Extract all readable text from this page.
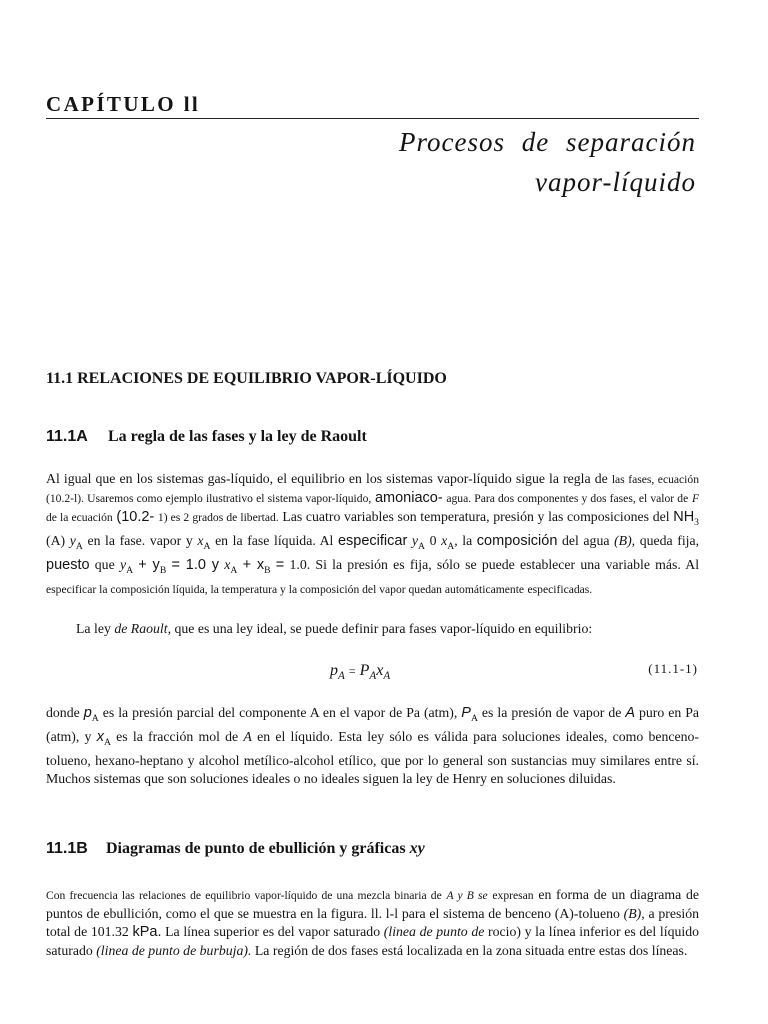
CAPÍTULO ll
Procesos de separación
vapor-líquido
11.1 RELACIONES DE EQUILIBRIO VAPOR-LÍQUIDO
11.1A La regla de las fases y la ley de Raoult

Al igual que en los sistemas gas-líquido, el equilibrio en los sistemas vapor-líquido sigue la regla de las fases, ecuación (10.2-l). Usaremos como ejemplo ilustrativo el sistema vapor-líquido, amoniaco- agua. Para dos componentes y dos fases, el valor de F de la ecuación (10.2- 1) es 2 grados de libertad. Las cuatro variables son temperatura, presión y las composiciones del $NH_3$ (A) $y_A$ en la fase. vapor y $x_A$ en la fase líquida. Al especificar $y_A$ 0 $x_A$, la composición del agua (B), queda fija, puesto que $y_A + y_B = 1.0$ y $x_A + x_B = 1.0$. Si la presión es fija, sólo se puede establecer una variable más. Al especificar la composición líquida, la temperatura y la composición del vapor quedan automáticamente especificadas.

La ley de Raoult, que es una ley ideal, se puede definir para fases vapor-líquido en equilibrio:

$p_A = P_Ax_A$
(11.1-1)

donde $p_A$ es la presión parcial del componente A en el vapor de Pa (atm), $P_A$ es la presión de vapor de A puro en Pa (atm), y $x_A$ es la fracción mol de A en el líquido. Esta ley sólo es válida para soluciones ideales, como benceno-tolueno, hexano-heptano y alcohol metílico-alcohol etílico, que por lo general son sustancias muy similares entre sí. Muchos sistemas que son soluciones ideales o no ideales siguen la ley de Henry en soluciones diluidas.

11.1B Diagramas de punto de ebullición y gráficas xy

Con frecuencia las relaciones de equilibrio vapor-líquido de una mezcla binaria de A y B se expresan en forma de un diagrama de puntos de ebullición, como el que se muestra en la figura. ll. l-l para el sistema de benceno (A)-tolueno (B), a presión total de 101.32 kPa. La línea superior es del vapor saturado (linea de punto de rocio) y la línea inferior es del líquido saturado (linea de punto de burbuja). La región de dos fases está localizada en la zona situada entre estas dos líneas.
